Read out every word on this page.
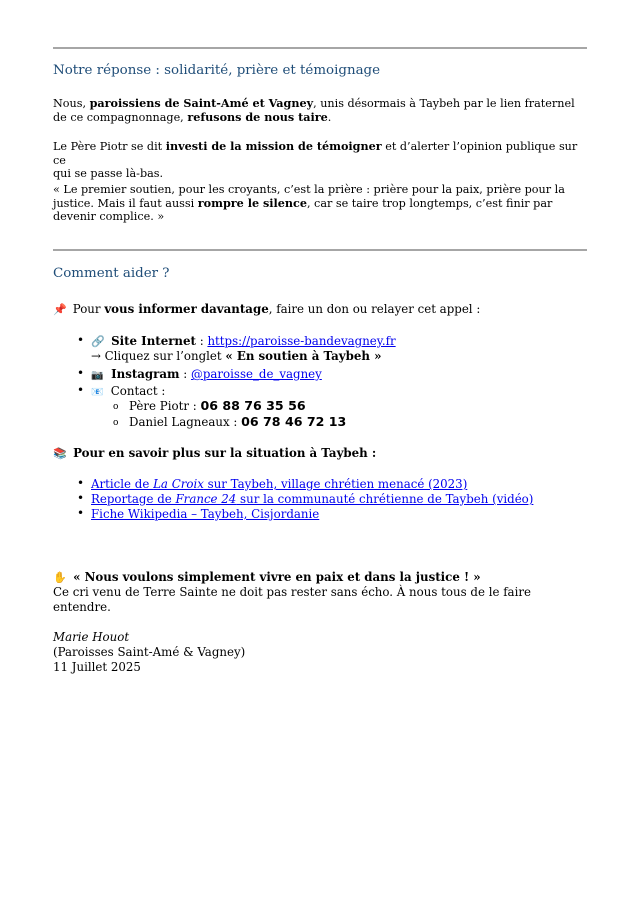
Notre réponse : solidarité, prière et témoignage
Nous, paroissiens de Saint-Amé et Vagney, unis désormais à Taybeh par le lien fraternel
de ce compagnonnage, refusons de nous taire.
Le Père Piotr se dit investi de la mission de témoigner et d’alerter l’opinion publique sur ce
qui se passe là-bas.
« Le premier soutien, pour les croyants, c’est la prière : prière pour la paix, prière pour la
justice. Mais il faut aussi rompre le silence, car se taire trop longtemps, c’est finir par
devenir complice. »
Comment aider ?
📌 Pour vous informer davantage, faire un don ou relayer cet appel :
• 🔗 Site Internet : https://paroisse-bandevagney.fr
→ Cliquez sur l’onglet « En soutien à Taybeh »
• 📷 Instagram : @paroisse_de_vagney
• 📧 Contact :
o Père Piotr : 06 88 76 35 56
o Daniel Lagneaux : 06 78 46 72 13
📚 Pour en savoir plus sur la situation à Taybeh :
• Article de La Croix sur Taybeh, village chrétien menacé (2023)
• Reportage de France 24 sur la communauté chrétienne de Taybeh (vidéo)
• Fiche Wikipedia – Taybeh, Cisjordanie
✋ « Nous voulons simplement vivre en paix et dans la justice ! »
Ce cri venu de Terre Sainte ne doit pas rester sans écho. À nous tous de le faire
entendre.
Marie Houot
(Paroisses Saint-Amé & Vagney)
11 Juillet 2025
